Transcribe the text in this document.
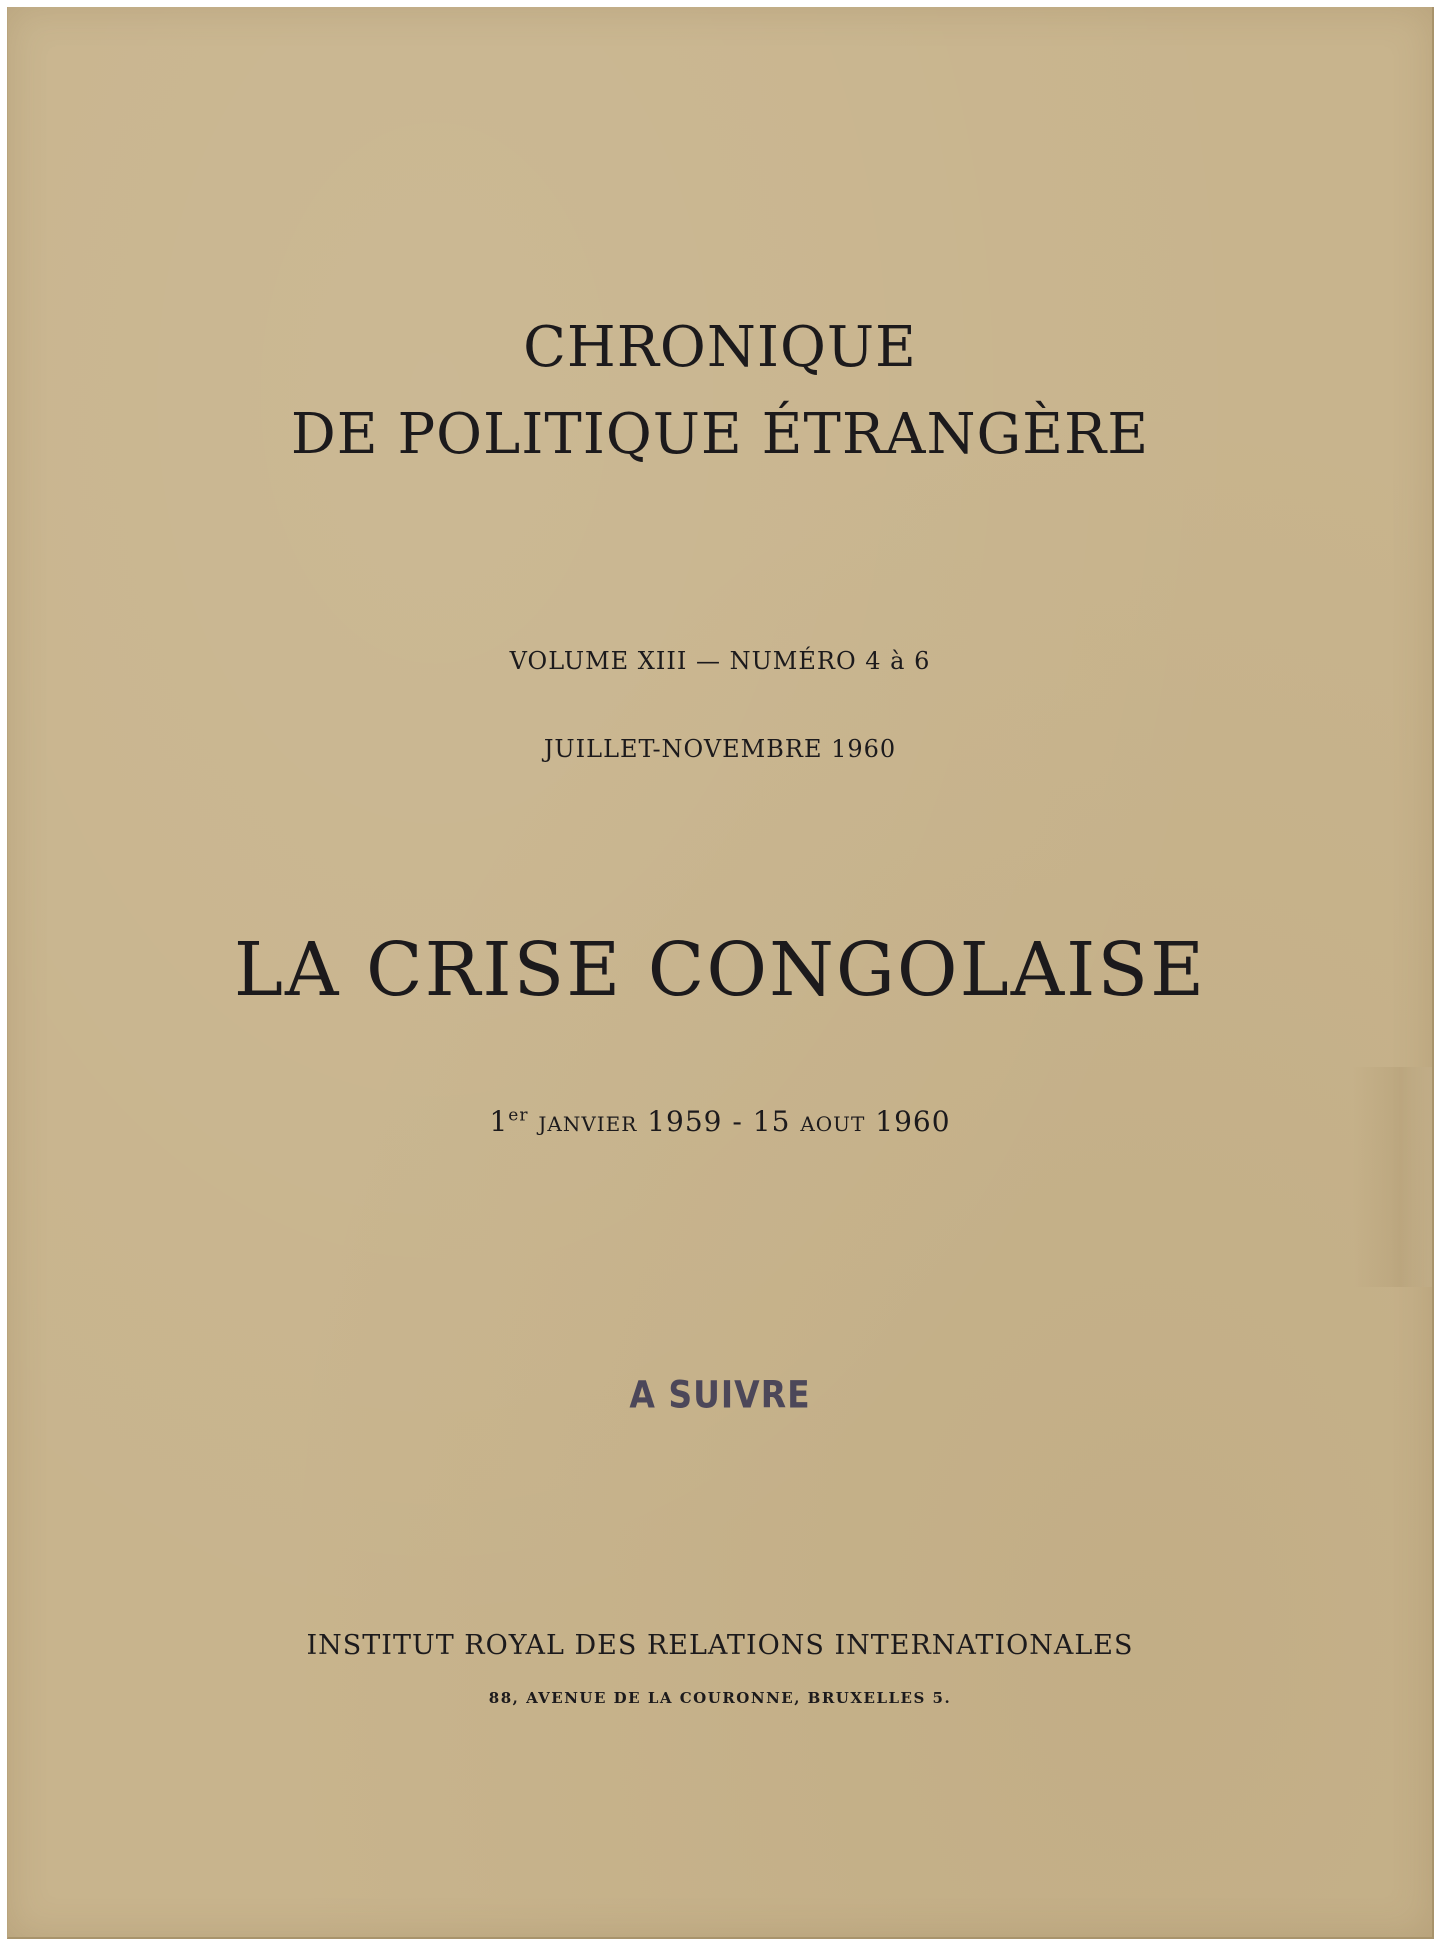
CHRONIQUE
DE POLITIQUE ÉTRANGÈRE
VOLUME XIII — NUMÉRO 4 à 6
JUILLET-NOVEMBRE 1960
LA CRISE CONGOLAISE
1er JANVIER 1959 - 15 AOUT 1960
A SUIVRE
INSTITUT ROYAL DES RELATIONS INTERNATIONALES
88, AVENUE DE LA COURONNE, BRUXELLES 5.
